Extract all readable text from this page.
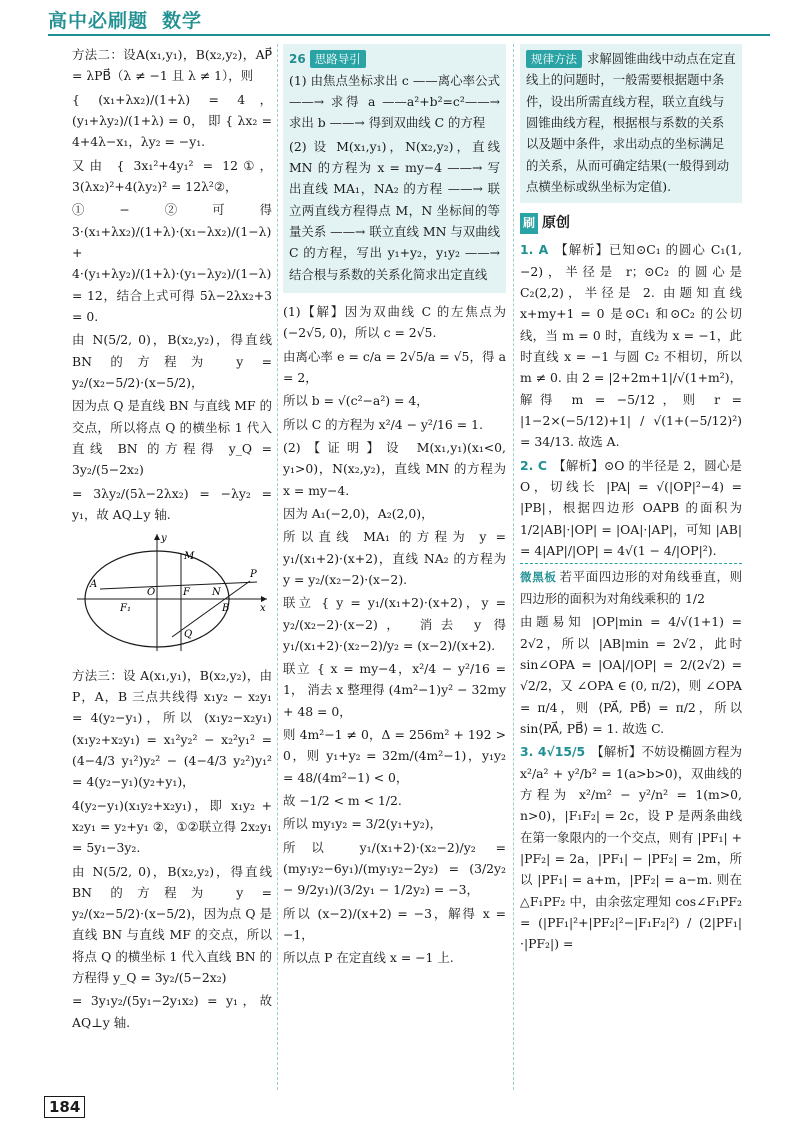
高中必刷题 数学

方法二：设A(x₁,y₁)，B(x₂,y₂)，AP⃗ = λPB⃗（λ ≠ −1 且 λ ≠ 1），则

{ (x₁+λx₂)/(1+λ) = 4，(y₁+λy₂)/(1+λ) = 0， 即 { λx₂ = 4+4λ−x₁，λy₂ = −y₁.

又由 { 3x₁²+4y₁² = 12①，3(λx₂)²+4(λy₂)² = 12λ²②，

①−②可得 3·(x₁+λx₂)/(1+λ)·(x₁−λx₂)/(1−λ) + 4·(y₁+λy₂)/(1+λ)·(y₁−λy₂)/(1−λ) = 12，结合上式可得 5λ−2λx₂+3 = 0.

由 N(5/2, 0)，B(x₂,y₂)，得直线 BN 的方程为 y = y₂/(x₂−5/2)·(x−5/2)，

因为点 Q 是直线 BN 与直线 MF 的交点，所以将点 Q 的横坐标 1 代入直线 BN 的方程得 y_Q = 3y₂/(5−2x₂)

= 3λy₂/(5λ−2λx₂) = −λy₂ = y₁，故 AQ⊥y 轴.

y
M
A
F₁
O	F
B
N
P
Q
x

方法三：设 A(x₁,y₁)，B(x₂,y₂)，由 P，A，B 三点共线得 x₁y₂ − x₂y₁ = 4(y₂−y₁)，所以 (x₁y₂−x₂y₁)(x₁y₂+x₂y₁) = x₁²y₂² − x₂²y₁² = (4−4/3 y₁²)y₂² − (4−4/3 y₂²)y₁² = 4(y₂−y₁)(y₂+y₁)，

4(y₂−y₁)(x₁y₂+x₂y₁)，即 x₁y₂ + x₂y₁ = y₂+y₁ ②，①②联立得 2x₂y₁ = 5y₁−3y₂.

由 N(5/2, 0)，B(x₂,y₂)，得直线 BN 的方程为 y = y₂/(x₂−5/2)·(x−5/2)，因为点 Q 是直线 BN 与直线 MF 的交点，所以将点 Q 的横坐标 1 代入直线 BN 的方程得 y_Q = 3y₂/(5−2x₂)

= 3y₁y₂/(5y₁−2y₁x₂) = y₁，故 AQ⊥y 轴.

26 思路导引

(1) 由焦点坐标求出 c ——离心率公式——→ 求得 a ——a²+b²=c²——→ 求出 b ——→ 得到双曲线 C 的方程

(2) 设 M(x₁,y₁)，N(x₂,y₂)，直线 MN 的方程为 x = my−4 ——→ 写出直线 MA₁，NA₂ 的方程 ——→ 联立两直线方程得点 M，N 坐标间的等量关系 ——→ 联立直线 MN 与双曲线 C 的方程，写出 y₁+y₂，y₁y₂ ——→ 结合根与系数的关系化简求出定直线

(1)【解】因为双曲线 C 的左焦点为 (−2√5, 0)，所以 c = 2√5.

由离心率 e = c/a = 2√5/a = √5，得 a = 2，

所以 b = √(c²−a²) = 4，

所以 C 的方程为 x²/4 − y²/16 = 1.

(2)【证明】设 M(x₁,y₁)(x₁<0, y₁>0)，N(x₂,y₂)，直线 MN 的方程为 x = my−4.

因为 A₁(−2,0)，A₂(2,0)，

所以直线 MA₁ 的方程为 y = y₁/(x₁+2)·(x+2)，直线 NA₂ 的方程为 y = y₂/(x₂−2)·(x−2).

联立 { y = y₁/(x₁+2)·(x+2)，y = y₂/(x₂−2)·(x−2)， 消去 y 得 y₁/(x₁+2)·(x₂−2)/y₂ = (x−2)/(x+2).

联立 { x = my−4，x²/4 − y²/16 = 1， 消去 x 整理得 (4m²−1)y² − 32my + 48 = 0，

则 4m²−1 ≠ 0，Δ = 256m² + 192 > 0，则 y₁+y₂ = 32m/(4m²−1)，y₁y₂ = 48/(4m²−1) < 0，

故 −1/2 < m < 1/2.

所以 my₁y₂ = 3/2(y₁+y₂)，

所以 y₁/(x₁+2)·(x₂−2)/y₂ = (my₁y₂−6y₁)/(my₁y₂−2y₂) = (3/2y₂ − 9/2y₁)/(3/2y₁ − 1/2y₂) = −3，

所以 (x−2)/(x+2) = −3，解得 x = −1，

所以点 P 在定直线 x = −1 上.

规律方法 求解圆锥曲线中动点在定直线上的问题时，一般需要根据题中条件，设出所需直线方程，联立直线与圆锥曲线方程，根据根与系数的关系以及题中条件，求出动点的坐标满足的关系，从而可确定结果(一般得到动点横坐标或纵坐标为定值).
刷 原创

1. A 【解析】已知⊙C₁ 的圆心 C₁(1, −2)，半径是 r；⊙C₂ 的圆心是 C₂(2,2)，半径是 2. 由题知直线 x+my+1 = 0 是⊙C₁ 和⊙C₂ 的公切线，当 m = 0 时，直线为 x = −1，此时直线 x = −1 与圆 C₂ 不相切，所以 m ≠ 0. 由 2 = |2+2m+1|/√(1+m²)，解得 m = −5/12，则 r = |1−2×(−5/12)+1| / √(1+(−5/12)²) = 34/13. 故选 A.

2. C 【解析】⊙O 的半径是 2，圆心是 O，切线长 |PA| = √(|OP|²−4) = |PB|，根据四边形 OAPB 的面积为 1/2|AB|·|OP| = |OA|·|AP|，可知 |AB| = 4|AP|/|OP| = 4√(1 − 4/|OP|²).

微黑板 若平面四边形的对角线垂直，则四边形的面积为对角线乘积的 1/2

由题易知 |OP|min = 4/√(1+1) = 2√2，所以 |AB|min = 2√2，此时 sin∠OPA = |OA|/|OP| = 2/(2√2) = √2/2，又 ∠OPA ∈ (0, π/2)，则 ∠OPA = π/4，则 ⟨PA⃗, PB⃗⟩ = π/2，所以 sin⟨PA⃗, PB⃗⟩ = 1. 故选 C.

3. 4√15/5 【解析】不妨设椭圆方程为 x²/a² + y²/b² = 1(a>b>0)，双曲线的方程为 x²/m² − y²/n² = 1(m>0, n>0)，|F₁F₂| = 2c，设 P 是两条曲线在第一象限内的一个交点，则有 |PF₁| + |PF₂| = 2a，|PF₁| − |PF₂| = 2m，所以 |PF₁| = a+m，|PF₂| = a−m. 则在 △F₁PF₂ 中，由余弦定理知 cos∠F₁PF₂ = (|PF₁|²+|PF₂|²−|F₁F₂|²) / (2|PF₁|·|PF₂|) =

184
